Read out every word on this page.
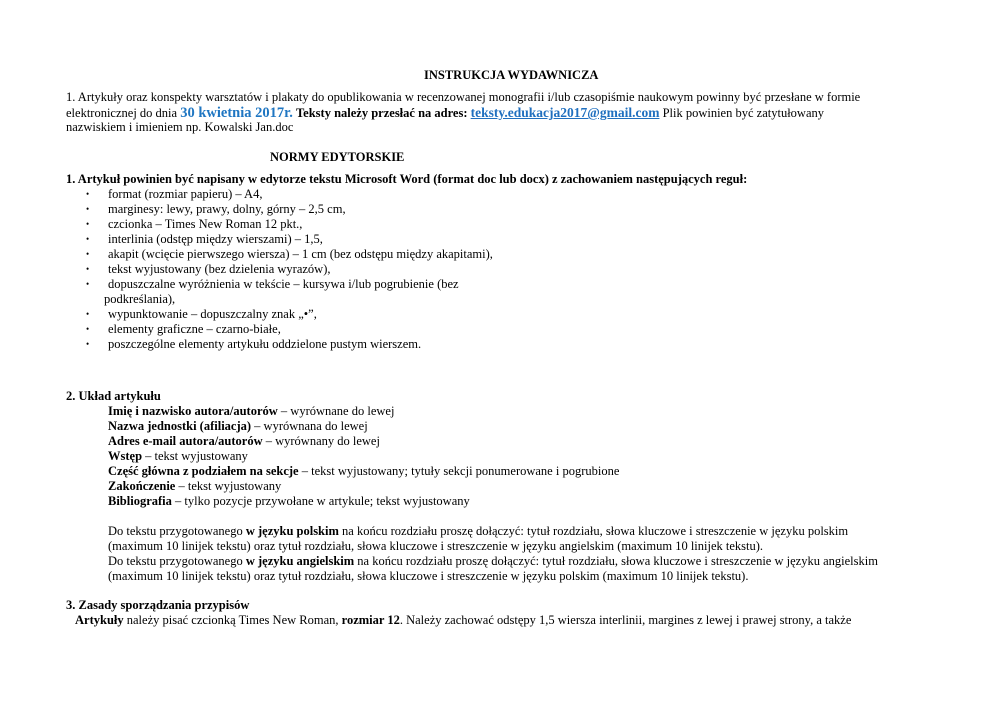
INSTRUKCJA WYDAWNICZA
1. Artykuły oraz konspekty warsztatów i plakaty do opublikowania w recenzowanej monografii i/lub czasopiśmie naukowym powinny być przesłane w formie
elektronicznej do dnia 30 kwietnia 2017r. Teksty należy przesłać na adres: teksty.edukacja2017@gmail.com Plik powinien być zatytułowany
nazwiskiem i imieniem np. Kowalski Jan.doc
NORMY EDYTORSKIE
1. Artykuł powinien być napisany w edytorze tekstu Microsoft Word (format doc lub docx) z zachowaniem następujących reguł:
• format (rozmiar papieru) – A4,
• marginesy: lewy, prawy, dolny, górny – 2,5 cm,
• czcionka – Times New Roman 12 pkt.,
• interlinia (odstęp między wierszami) – 1,5,
• akapit (wcięcie pierwszego wiersza) – 1 cm (bez odstępu między akapitami),
• tekst wyjustowany (bez dzielenia wyrazów),
• dopuszczalne wyróżnienia w tekście – kursywa i/lub pogrubienie (bez
podkreślania),
• wypunktowanie – dopuszczalny znak „•”,
• elementy graficzne – czarno-białe,
• poszczególne elementy artykułu oddzielone pustym wierszem.
2. Układ artykułu
Imię i nazwisko autora/autorów – wyrównane do lewej
Nazwa jednostki (afiliacja) – wyrównana do lewej
Adres e-mail autora/autorów – wyrównany do lewej
Wstęp – tekst wyjustowany
Część główna z podziałem na sekcje – tekst wyjustowany; tytuły sekcji ponumerowane i pogrubione
Zakończenie – tekst wyjustowany
Bibliografia – tylko pozycje przywołane w artykule; tekst wyjustowany
Do tekstu przygotowanego w języku polskim na końcu rozdziału proszę dołączyć: tytuł rozdziału, słowa kluczowe i streszczenie w języku polskim
(maximum 10 linijek tekstu) oraz tytuł rozdziału, słowa kluczowe i streszczenie w języku angielskim (maximum 10 linijek tekstu).
Do tekstu przygotowanego w języku angielskim na końcu rozdziału proszę dołączyć: tytuł rozdziału, słowa kluczowe i streszczenie w języku angielskim
(maximum 10 linijek tekstu) oraz tytuł rozdziału, słowa kluczowe i streszczenie w języku polskim (maximum 10 linijek tekstu).
3. Zasady sporządzania przypisów
Artykuły należy pisać czcionką Times New Roman, rozmiar 12. Należy zachować odstępy 1,5 wiersza interlinii, margines z lewej i prawej strony, a także
